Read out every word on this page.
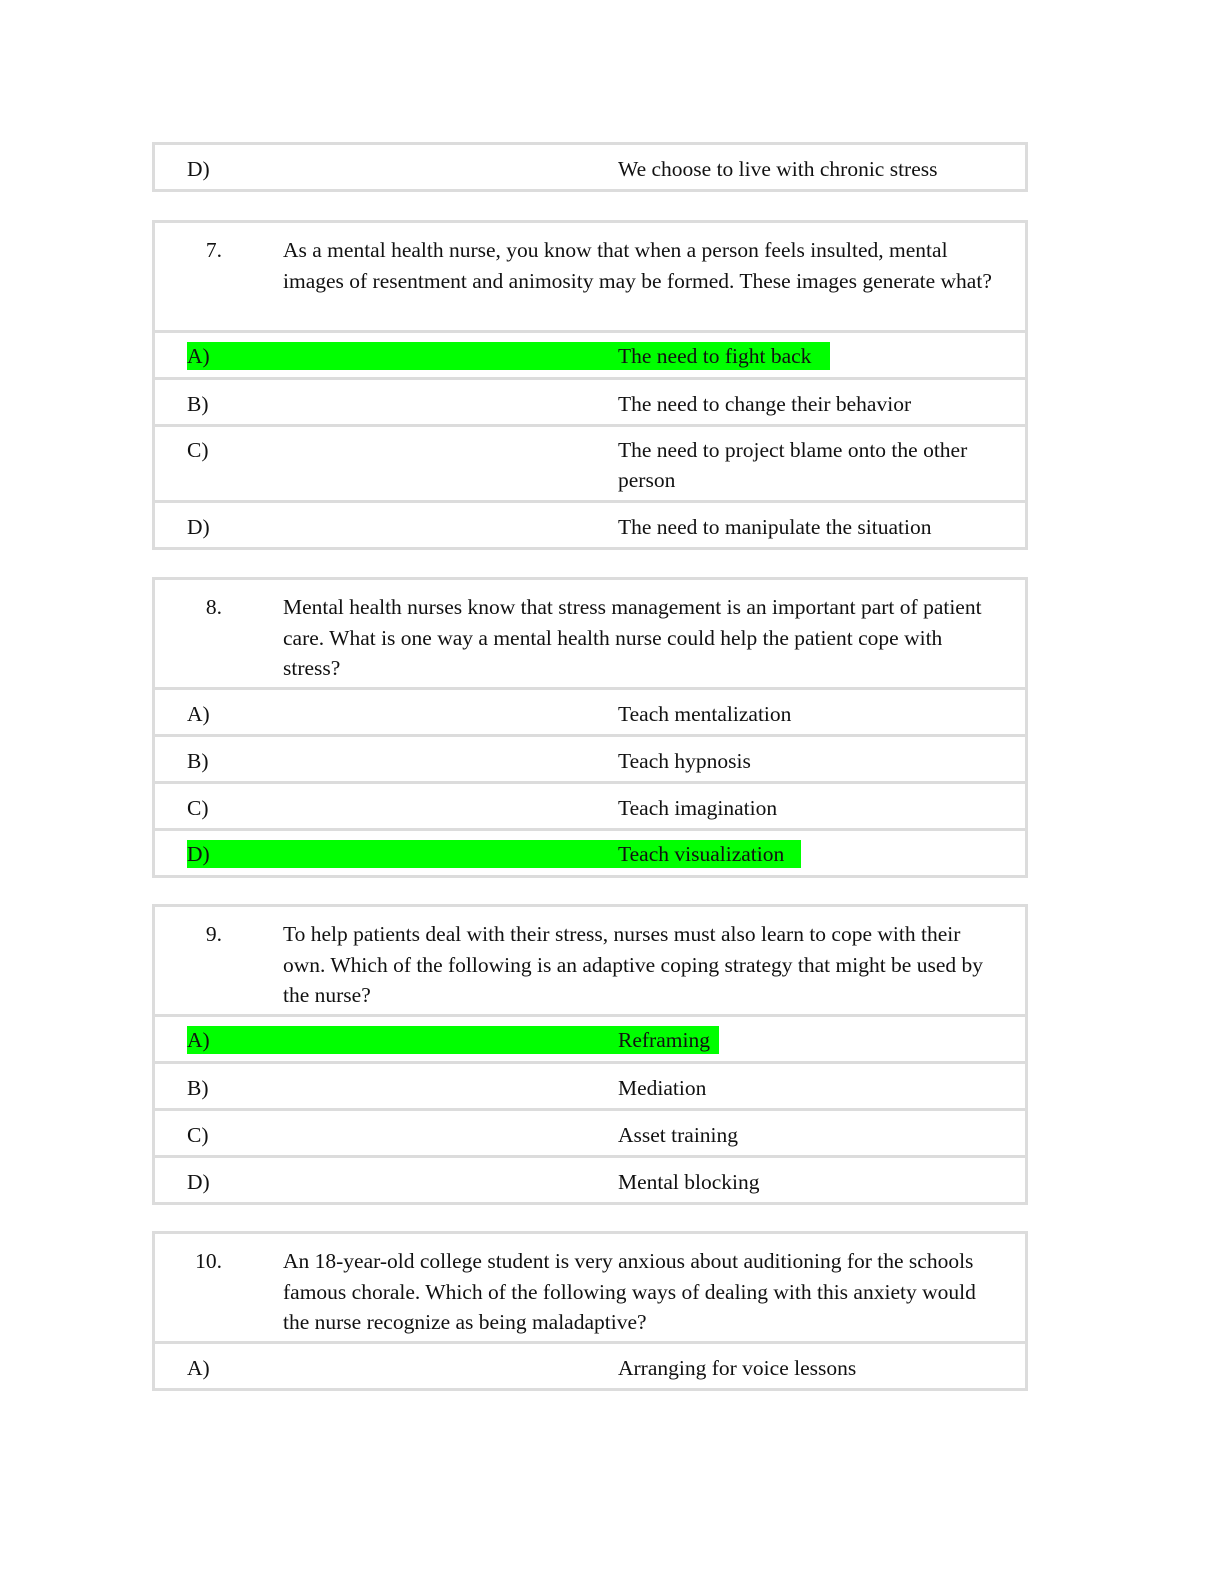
D)	We choose to live with chronic stress
7.	As a mental health nurse, you know that when a person feels insulted, mental images of resentment and animosity may be formed. These images generate what?
A)	The need to fight back
B)	The need to change their behavior
C)	The need to project blame onto the other person
D)	The need to manipulate the situation
8.	Mental health nurses know that stress management is an important part of patient care. What is one way a mental health nurse could help the patient cope with stress?
A)	Teach mentalization
B)	Teach hypnosis
C)	Teach imagination
D)	Teach visualization
9.	To help patients deal with their stress, nurses must also learn to cope with their own. Which of the following is an adaptive coping strategy that might be used by the nurse?
A)	Reframing
B)	Mediation
C)	Asset training
D)	Mental blocking
10.	An 18-year-old college student is very anxious about auditioning for the schools famous chorale. Which of the following ways of dealing with this anxiety would the nurse recognize as being maladaptive?
A)	Arranging for voice lessons
